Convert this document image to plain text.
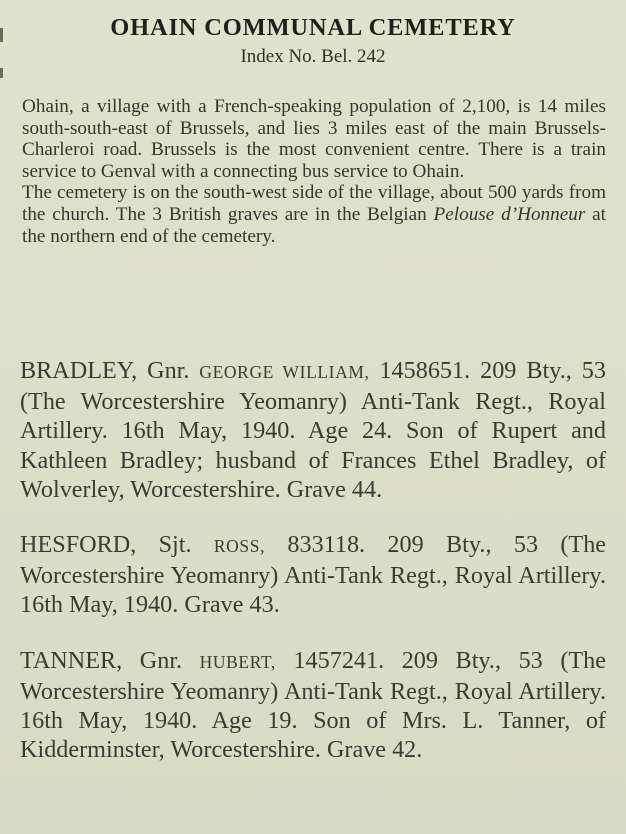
OHAIN COMMUNAL CEMETERY
Index No. Bel. 242

Ohain, a village with a French-speaking population of 2,100, is 14 miles south-south-east of Brussels, and lies 3 miles east of the main Brussels-Charleroi road. Brussels is the most convenient centre. There is a train service to Genval with a connecting bus service to Ohain.

The cemetery is on the south-west side of the village, about 500 yards from the church. The 3 British graves are in the Belgian Pelouse d’Honneur at the northern end of the cemetery.

BRADLEY, Gnr. GEORGE WILLIAM, 1458651. 209 Bty., 53 (The Worcestershire Yeomanry) Anti-Tank Regt., Royal Artillery. 16th May, 1940. Age 24. Son of Rupert and Kathleen Bradley; husband of Frances Ethel Bradley, of Wolverley, Worcestershire. Grave 44.

HESFORD, Sjt. ROSS, 833118. 209 Bty., 53 (The Worcestershire Yeomanry) Anti-Tank Regt., Royal Artillery. 16th May, 1940. Grave 43.

TANNER, Gnr. HUBERT, 1457241. 209 Bty., 53 (The Worcestershire Yeomanry) Anti-Tank Regt., Royal Artillery. 16th May, 1940. Age 19. Son of Mrs. L. Tanner, of Kidderminster, Worcestershire. Grave 42.
